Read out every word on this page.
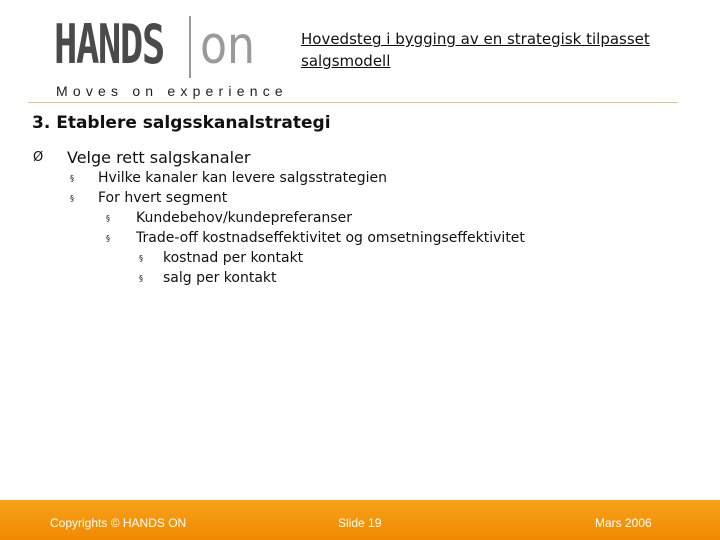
HANDS on
Moves on experience
Hovedsteg i bygging av en strategisk tilpasset salgsmodell
3. Etablere salgsskanalstrategi
Ø	Velge rett salgskanaler
§	Hvilke kanaler kan levere salgsstrategien
§	For hvert segment
§	Kundebehov/kundepreferanser
§	Trade-off kostnadseffektivitet og omsetningseffektivitet
§	kostnad per kontakt
§	salg per kontakt
Copyrights © HANDS ON	Slide 19	Mars 2006
